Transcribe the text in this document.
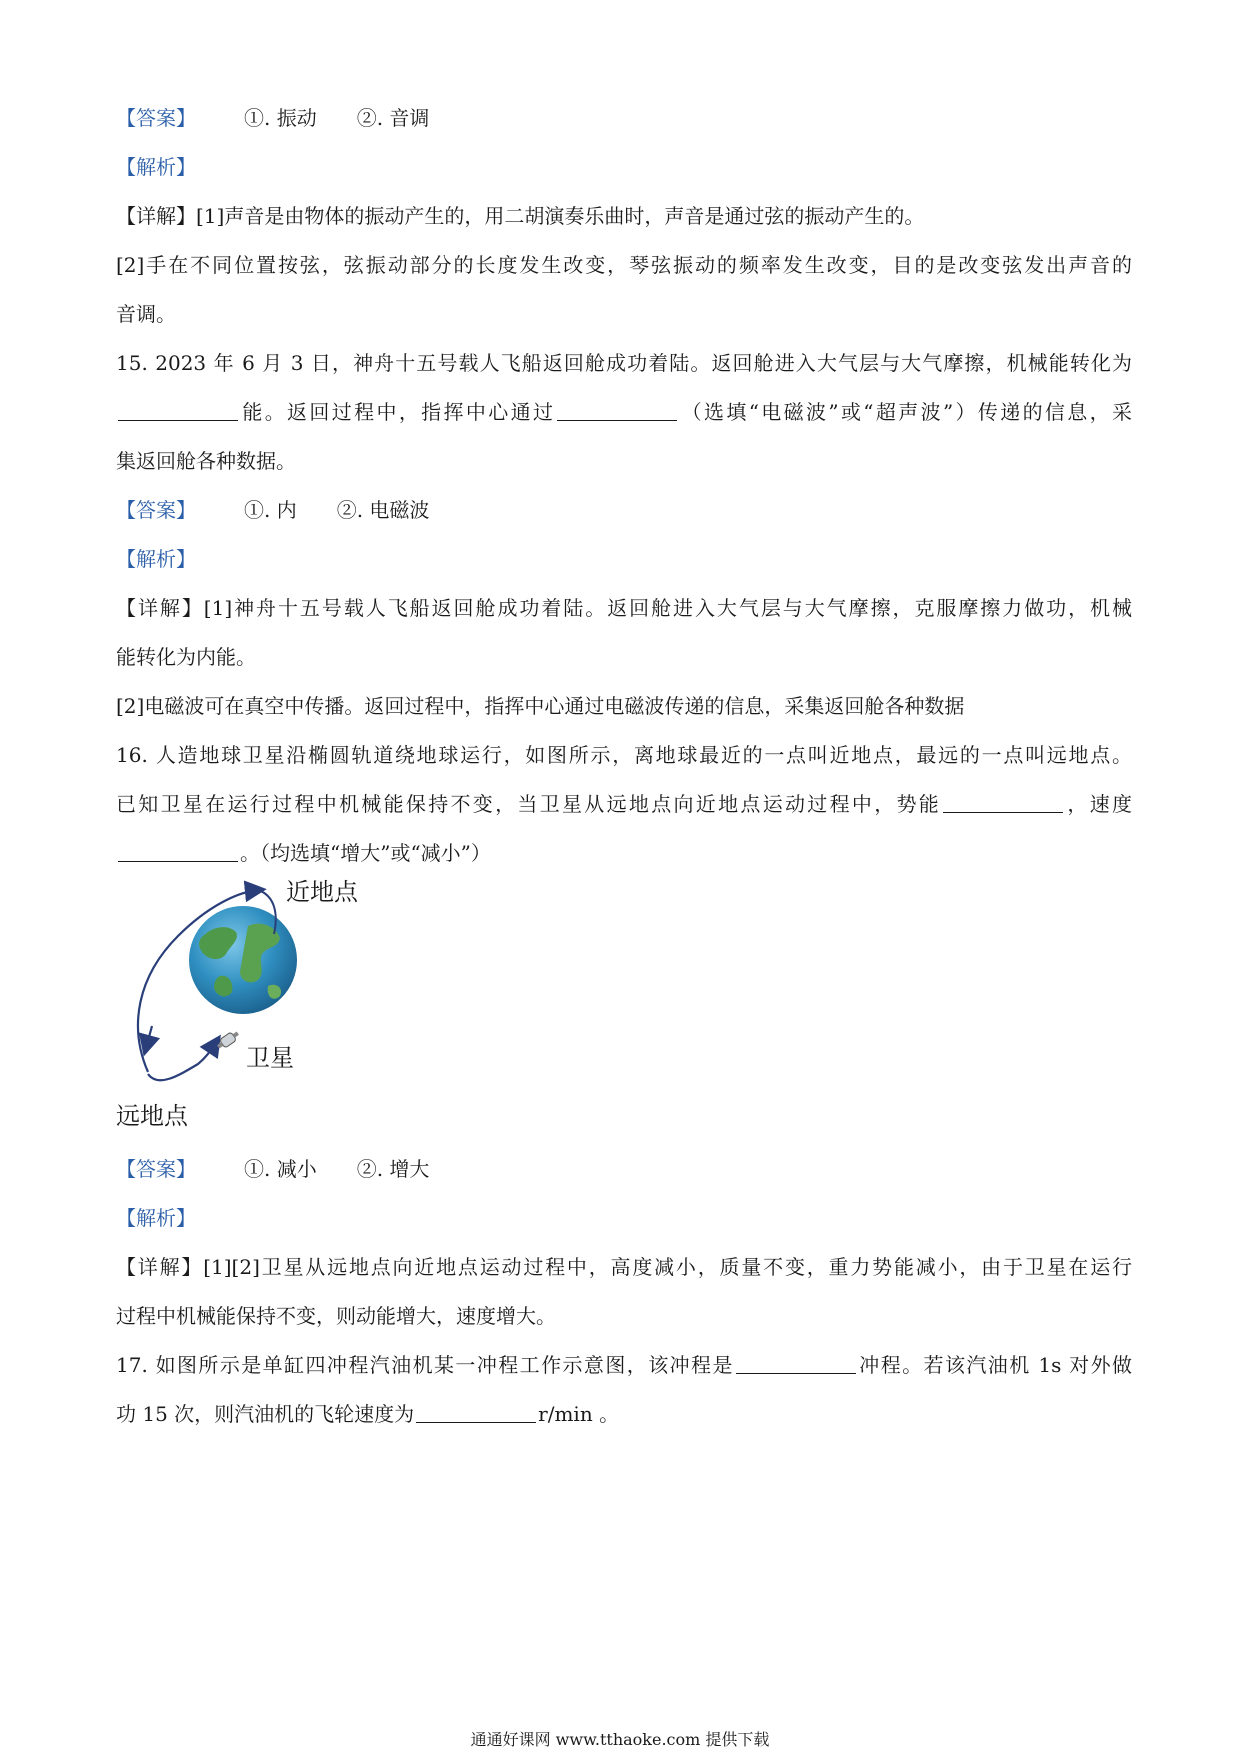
【答案】 ①. 振动 ②. 音调
【解析】
【详解】[1]声音是由物体的振动产生的，用二胡演奏乐曲时，声音是通过弦的振动产生的。
[2]手在不同位置按弦，弦振动部分的长度发生改变，琴弦振动的频率发生改变，目的是改变弦发出声音的
音调。
15. 2023 年 6 月 3 日，神舟十五号载人飞船返回舱成功着陆。返回舱进入大气层与大气摩擦，机械能转化为
能。返回过程中，指挥中心通过	（选填“电磁波”或“超声波”）传递的信息，采
集返回舱各种数据。
【答案】 ①. 内 ②. 电磁波
【解析】
【详解】[1]神舟十五号载人飞船返回舱成功着陆。返回舱进入大气层与大气摩擦，克服摩擦力做功，机械
能转化为内能。
[2]电磁波可在真空中传播。返回过程中，指挥中心通过电磁波传递的信息，采集返回舱各种数据
16. 人造地球卫星沿椭圆轨道绕地球运行，如图所示，离地球最近的一点叫近地点，最远的一点叫远地点。
已知卫星在运行过程中机械能保持不变，当卫星从远地点向近地点运动过程中，势能	，速度
。（均选填“增大”或“减小”）
近地点
卫星
远地点
【答案】 ①. 减小 ②. 增大
【解析】
【详解】[1][2]卫星从远地点向近地点运动过程中，高度减小，质量不变，重力势能减小，由于卫星在运行
过程中机械能保持不变，则动能增大，速度增大。
17. 如图所示是单缸四冲程汽油机某一冲程工作示意图，该冲程是	冲程。若该汽油机 1s 对外做
功 15 次，则汽油机的飞轮速度为	r/min 。
通通好课网 www.tthaoke.com 提供下载
